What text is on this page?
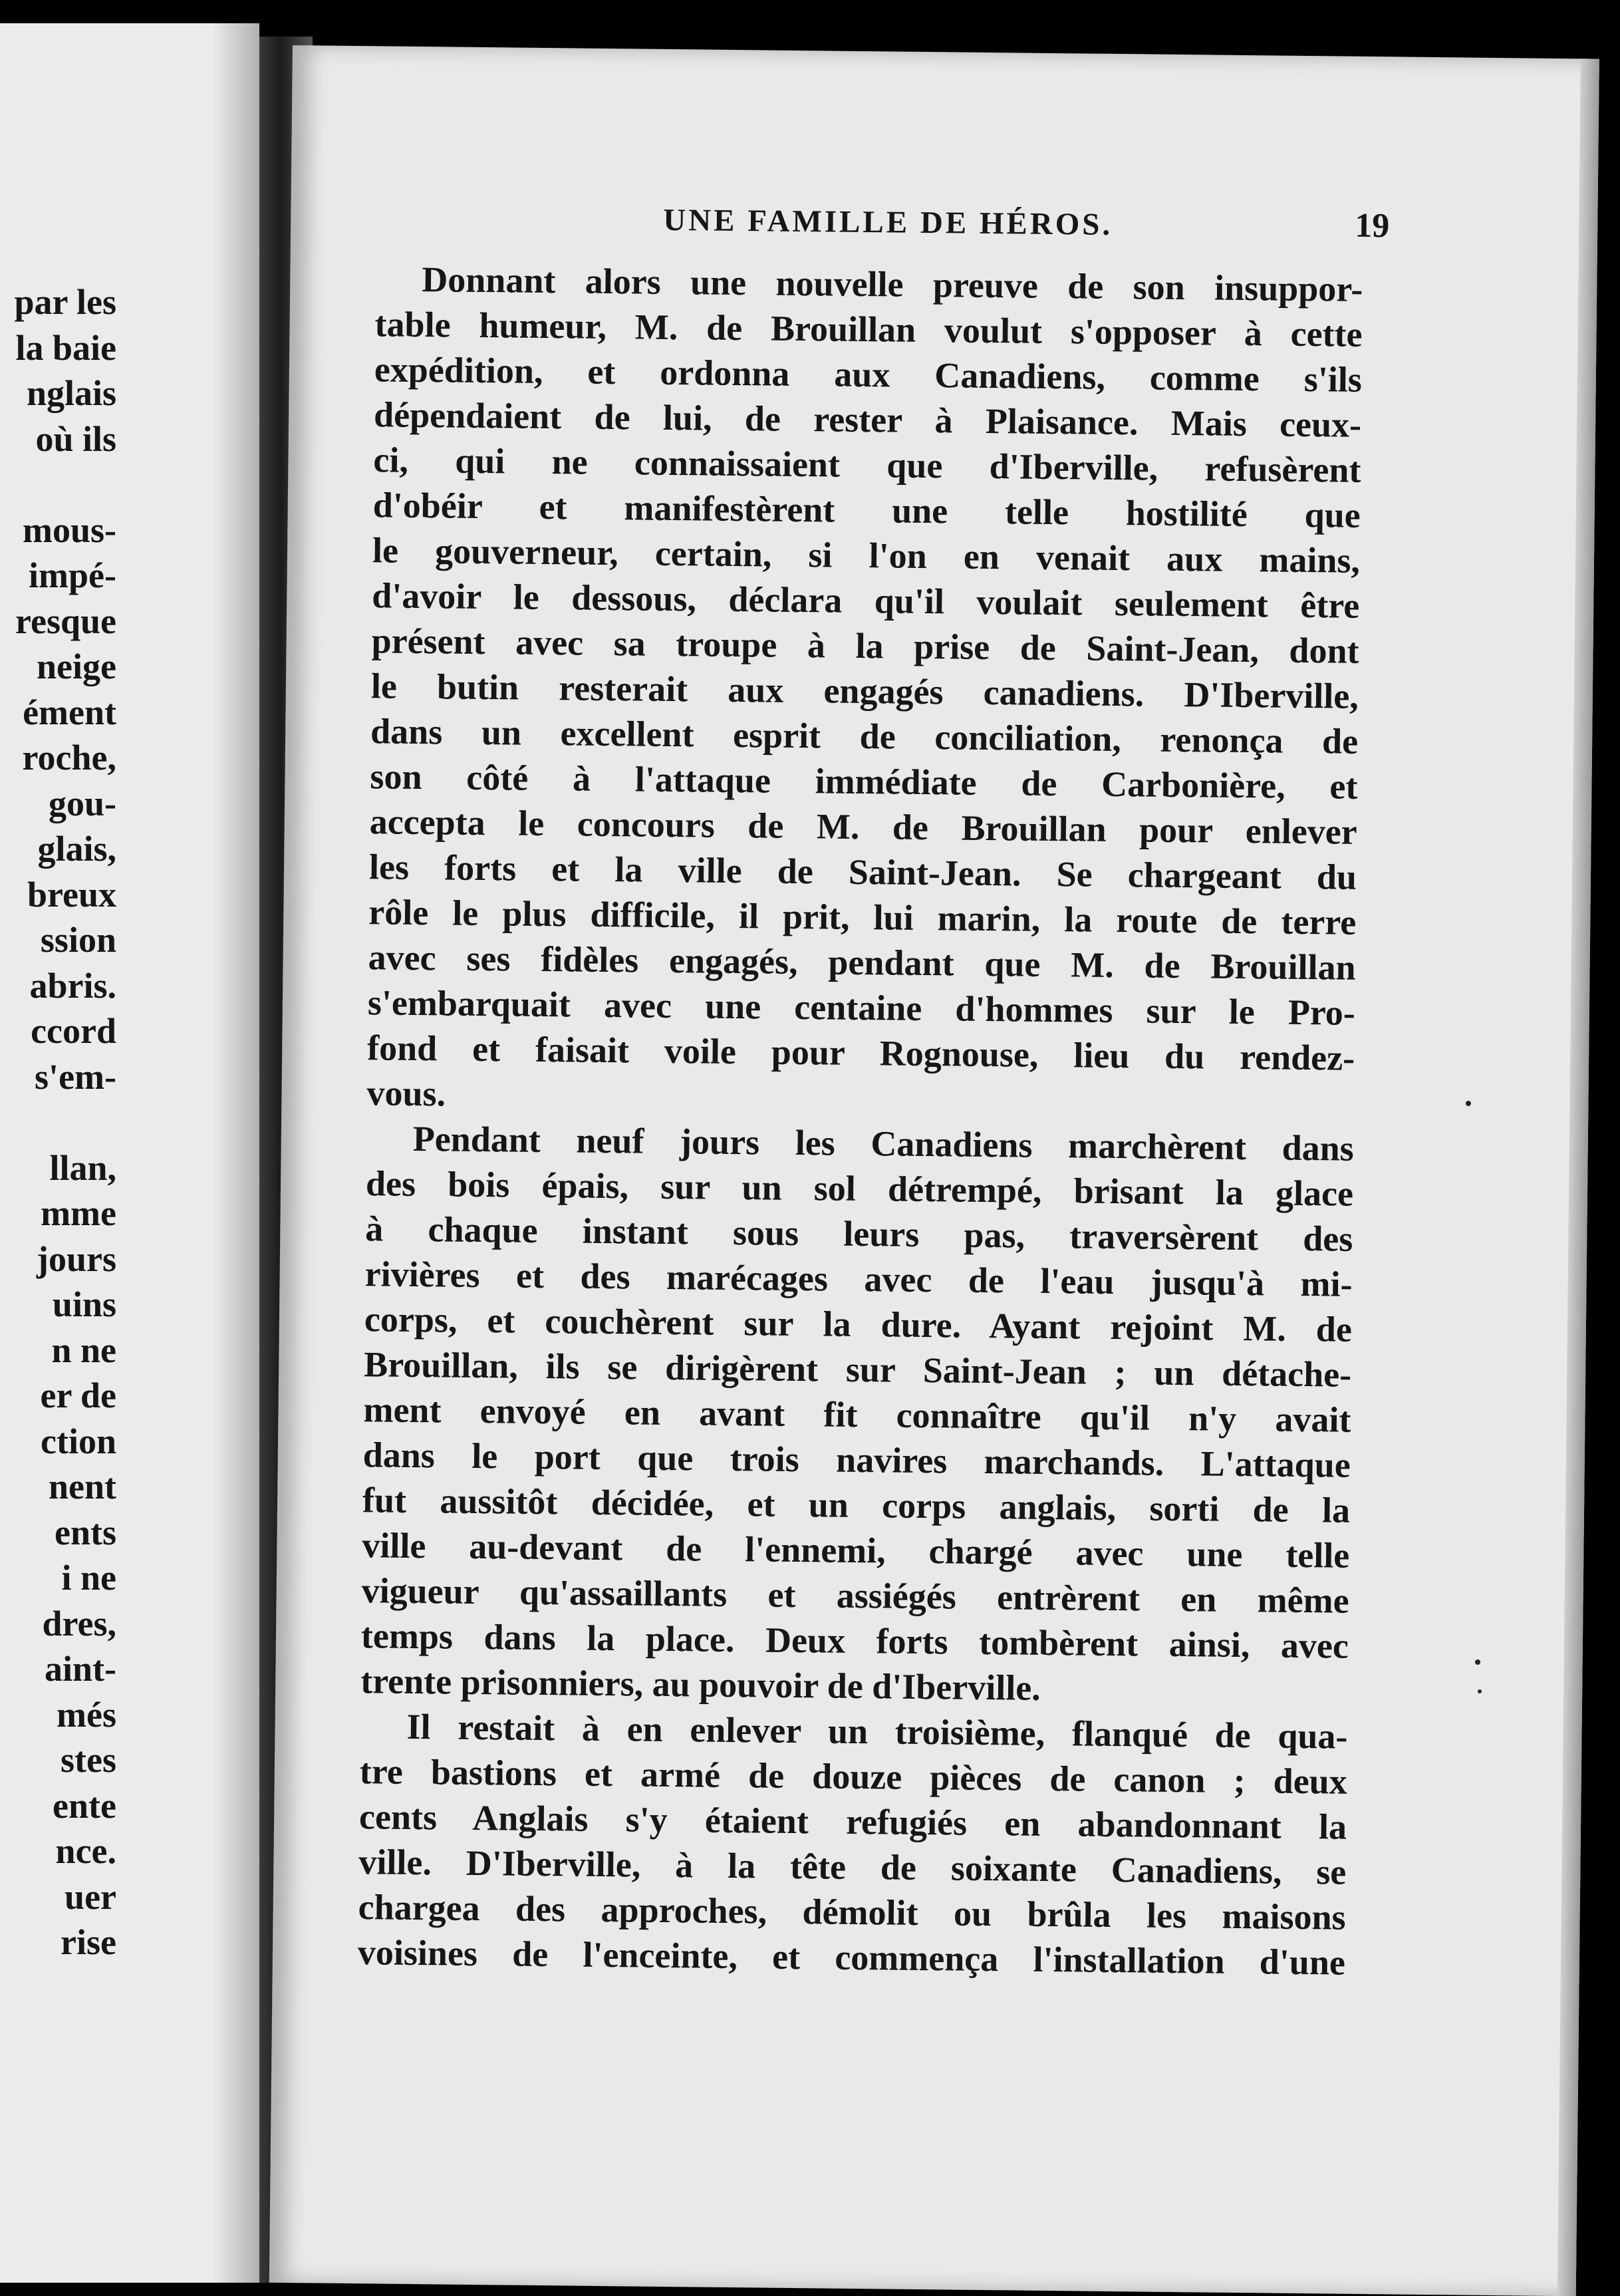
par les
la baie
nglais
où ils
mous-
impé-
resque
neige
ément
roche,
gou-
glais,
breux
ssion
abris.
ccord
s'em-
llan,
mme
jours
uins
n ne
er de
ction
nent
ents
i ne
dres,
aint-
més
stes
ente
nce.
uer
rise
UNE FAMILLE DE HÉROS.	19
Donnant alors une nouvelle preuve de son insuppor-
table humeur, M. de Brouillan voulut s'opposer à cette
expédition, et ordonna aux Canadiens, comme s'ils
dépendaient de lui, de rester à Plaisance. Mais ceux-
ci, qui ne connaissaient que d'Iberville, refusèrent
d'obéir et manifestèrent une telle hostilité que
le gouverneur, certain, si l'on en venait aux mains,
d'avoir le dessous, déclara qu'il voulait seulement être
présent avec sa troupe à la prise de Saint-Jean, dont
le butin resterait aux engagés canadiens. D'Iberville,
dans un excellent esprit de conciliation, renonça de
son côté à l'attaque immédiate de Carbonière, et
accepta le concours de M. de Brouillan pour enlever
les forts et la ville de Saint-Jean. Se chargeant du
rôle le plus difficile, il prit, lui marin, la route de terre
avec ses fidèles engagés, pendant que M. de Brouillan
s'embarquait avec une centaine d'hommes sur le Pro-
fond et faisait voile pour Rognouse, lieu du rendez-
vous.
Pendant neuf jours les Canadiens marchèrent dans
des bois épais, sur un sol détrempé, brisant la glace
à chaque instant sous leurs pas, traversèrent des
rivières et des marécages avec de l'eau jusqu'à mi-
corps, et couchèrent sur la dure. Ayant rejoint M. de
Brouillan, ils se dirigèrent sur Saint-Jean ; un détache-
ment envoyé en avant fit connaître qu'il n'y avait
dans le port que trois navires marchands. L'attaque
fut aussitôt décidée, et un corps anglais, sorti de la
ville au-devant de l'ennemi, chargé avec une telle
vigueur qu'assaillants et assiégés entrèrent en même
temps dans la place. Deux forts tombèrent ainsi, avec
trente prisonniers, au pouvoir de d'Iberville.
Il restait à en enlever un troisième, flanqué de qua-
tre bastions et armé de douze pièces de canon ; deux
cents Anglais s'y étaient refugiés en abandonnant la
ville. D'Iberville, à la tête de soixante Canadiens, se
chargea des approches, démolit ou brûla les maisons
voisines de l'enceinte, et commença l'installation d'une
